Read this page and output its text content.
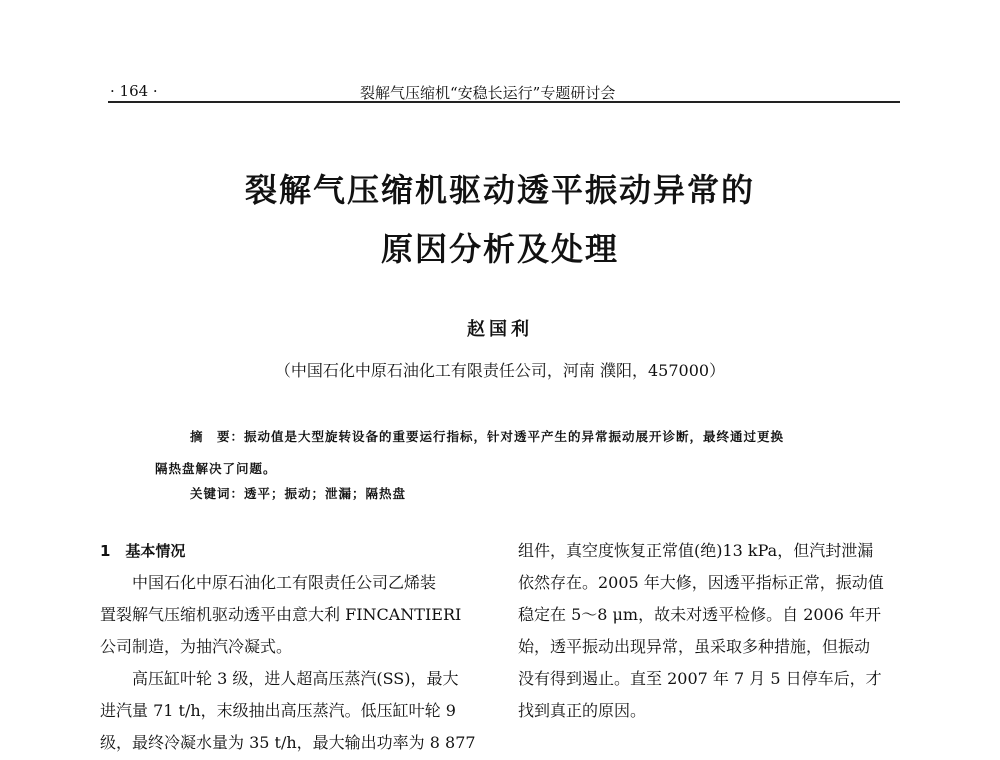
· 164 ·	裂解气压缩机“安稳长运行”专题研讨会
裂解气压缩机驱动透平振动异常的
原因分析及处理
赵国利
（中国石化中原石油化工有限责任公司，河南 濮阳，457000）
摘　要：振动值是大型旋转设备的重要运行指标，针对透平产生的异常振动展开诊断，最终通过更换
隔热盘解决了问题。
关键词：透平；振动；泄漏；隔热盘

1　基本情况

中国石化中原石油化工有限责任公司乙烯装
置裂解气压缩机驱动透平由意大利 FINCANTIERI
公司制造，为抽汽冷凝式。

高压缸叶轮 3 级，进人超高压蒸汽(SS)，最大
进汽量 71 t/h，末级抽出高压蒸汽。低压缸叶轮 9
级，最终冷凝水量为 35 t/h，最大输出功率为 8 877

组件，真空度恢复正常值(绝)13 kPa，但汽封泄漏

依然存在。2005 年大修，因透平指标正常，振动值

稳定在 5～8 μm，故未对透平检修。自 2006 年开

始，透平振动出现异常，虽采取多种措施，但振动

没有得到遏止。直至 2007 年 7 月 5 日停车后，才

找到真正的原因。
